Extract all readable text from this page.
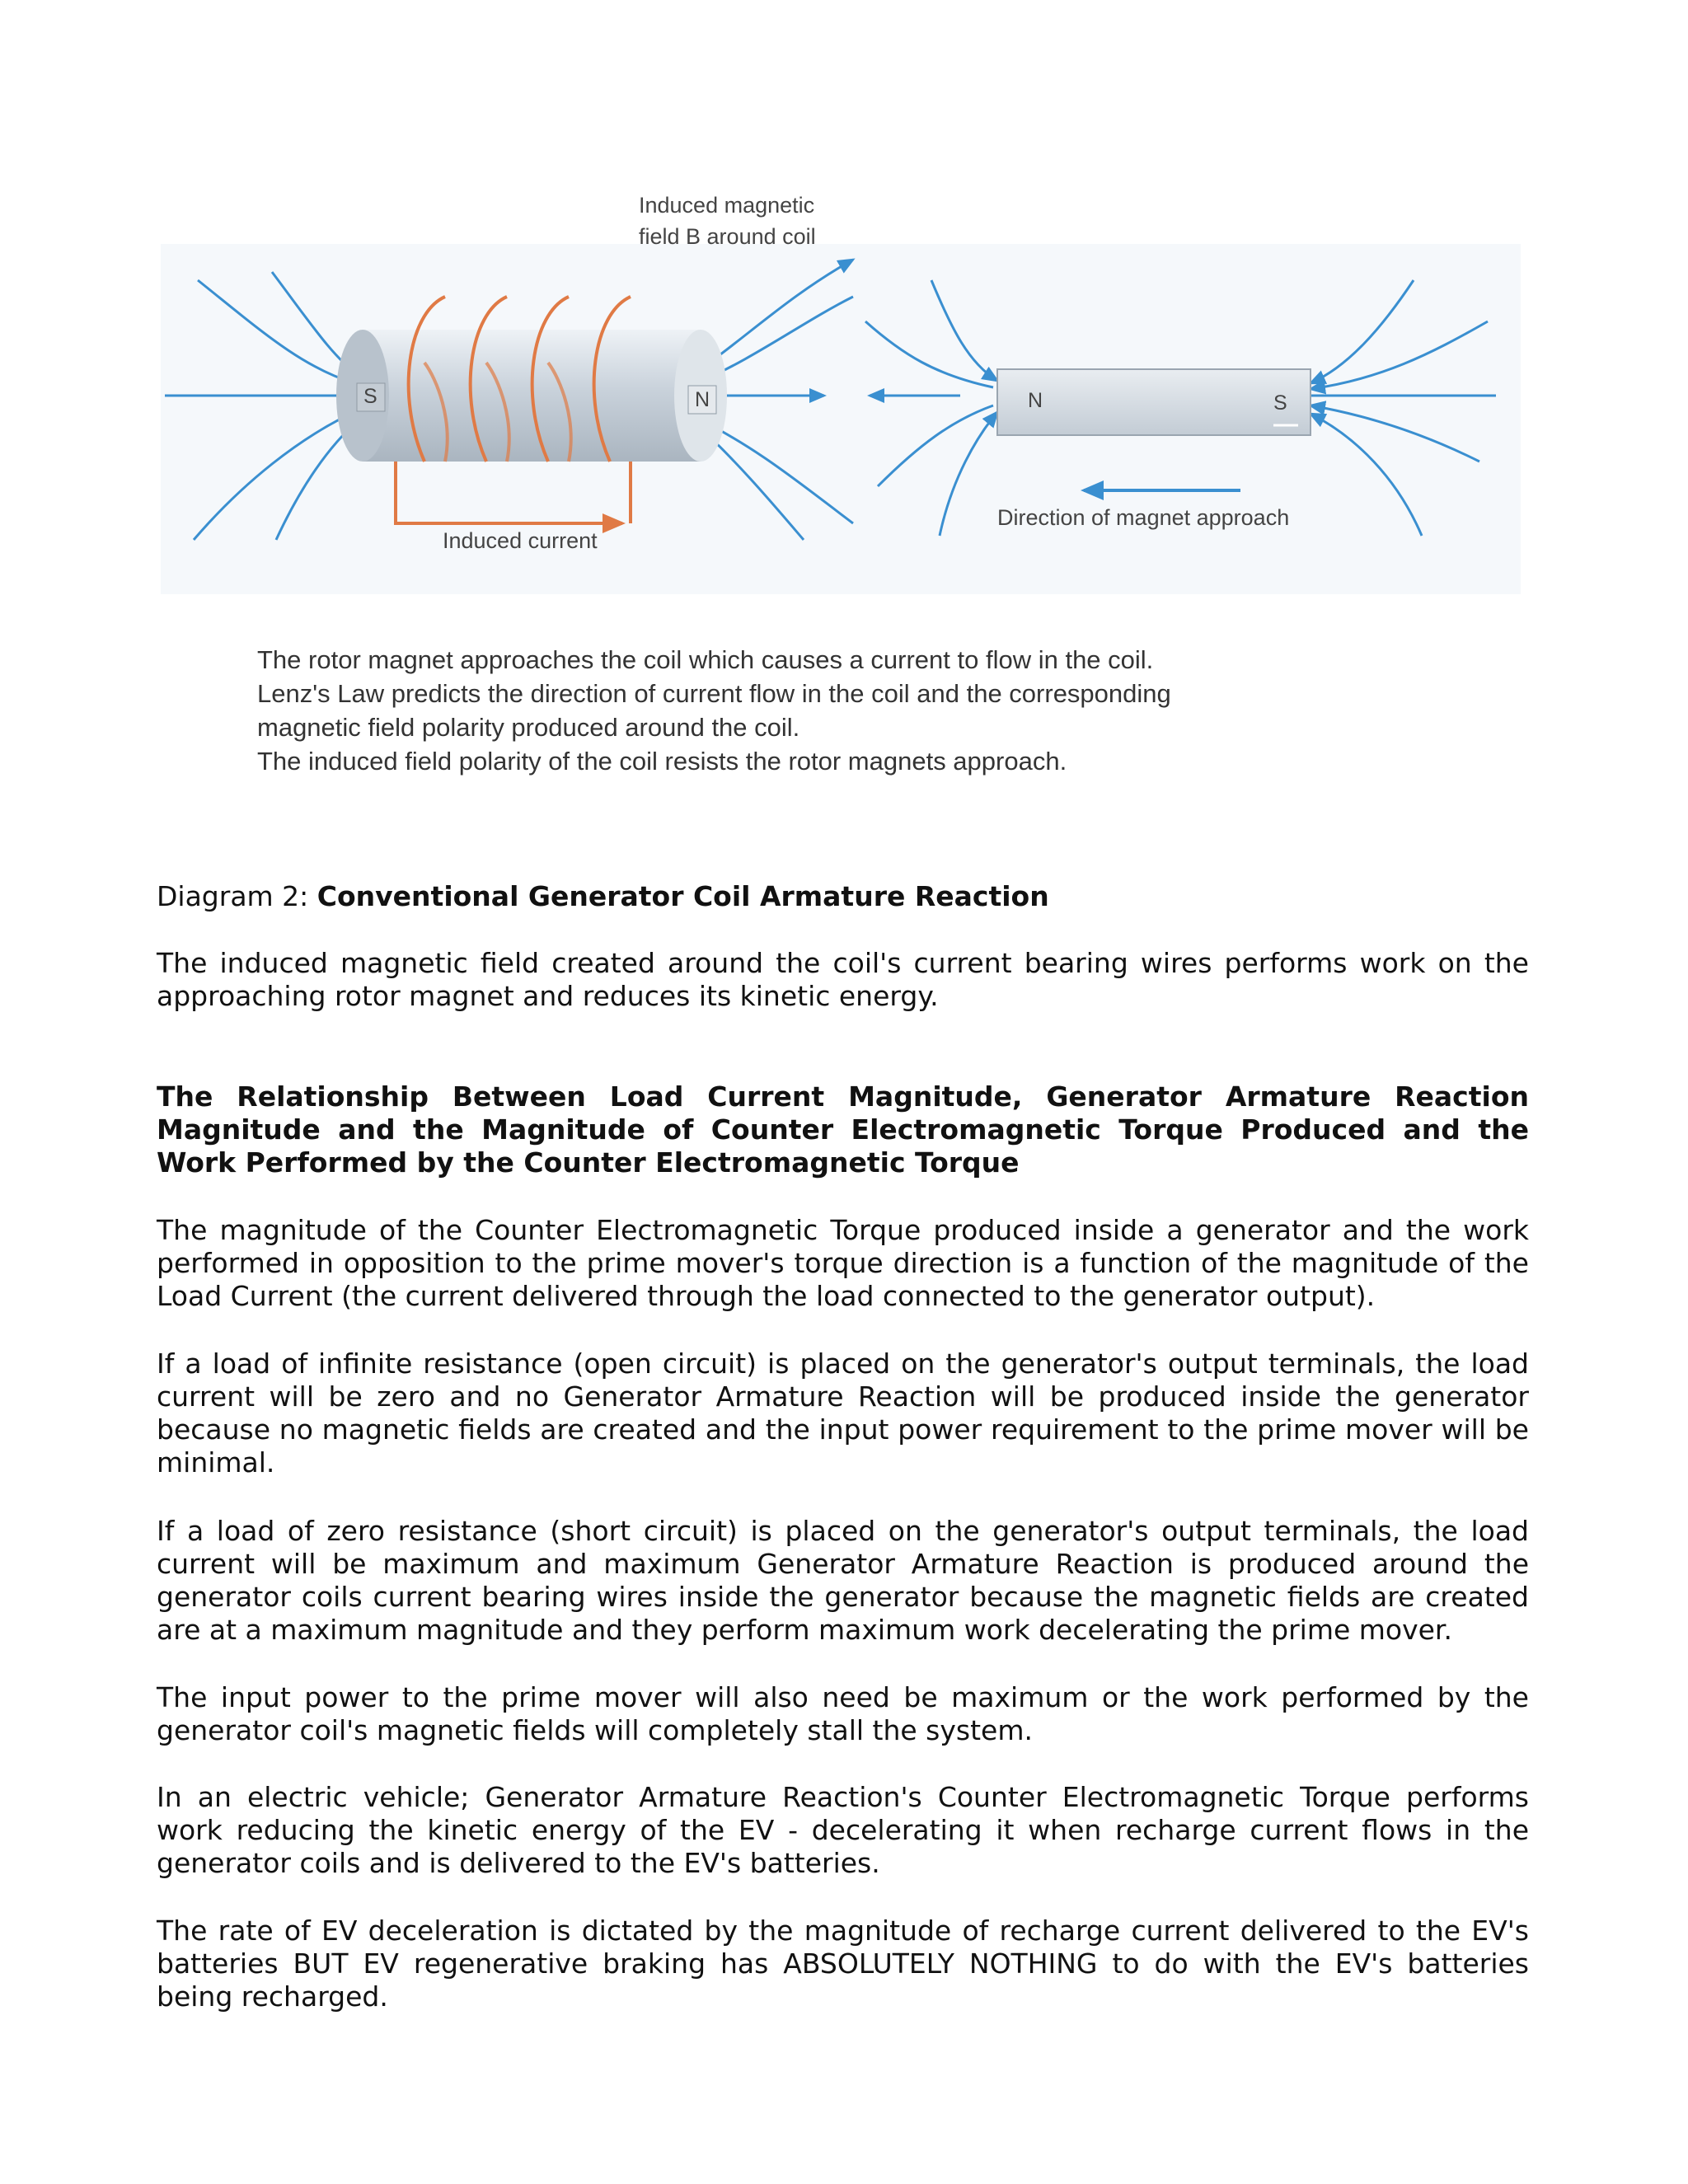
Induced magnetic
field B around coil
Induced current
Direction of magnet approach
S	N	N	S
The rotor magnet approaches the coil which causes a current to flow in the coil.
Lenz's Law predicts the direction of current flow in the coil and the corresponding
magnetic field polarity produced around the coil.
The induced field polarity of the coil resists the rotor magnets approach.
Diagram 2: Conventional Generator Coil Armature Reaction
The induced magnetic field created around the coil's current bearing wires performs work on the approaching rotor magnet and reduces its kinetic energy.
The Relationship Between Load Current Magnitude, Generator Armature Reaction Magnitude and the Magnitude of Counter Electromagnetic Torque Produced and the Work Performed by the Counter Electromagnetic Torque
The magnitude of the Counter Electromagnetic Torque produced inside a generator and the work performed in opposition to the prime mover's torque direction is a function of the magnitude of the Load Current (the current delivered through the load connected to the generator output).
If a load of infinite resistance (open circuit) is placed on the generator's output terminals, the load current will be zero and no Generator Armature Reaction will be produced inside the generator because no magnetic fields are created and the input power requirement to the prime mover will be minimal.
If a load of zero resistance (short circuit) is placed on the generator's output terminals, the load current will be maximum and maximum Generator Armature Reaction is produced around the generator coils current bearing wires inside the generator because the magnetic fields are created are at a maximum magnitude and they perform maximum work decelerating the prime mover.
The input power to the prime mover will also need be maximum or the work performed by the generator coil's magnetic fields will completely stall the system.
In an electric vehicle; Generator Armature Reaction's Counter Electromagnetic Torque performs work reducing the kinetic energy of the EV - decelerating it when recharge current flows in the generator coils and is delivered to the EV's batteries.
The rate of EV deceleration is dictated by the magnitude of recharge current delivered to the EV's batteries BUT EV regenerative braking has ABSOLUTELY NOTHING to do with the EV's batteries being recharged.
